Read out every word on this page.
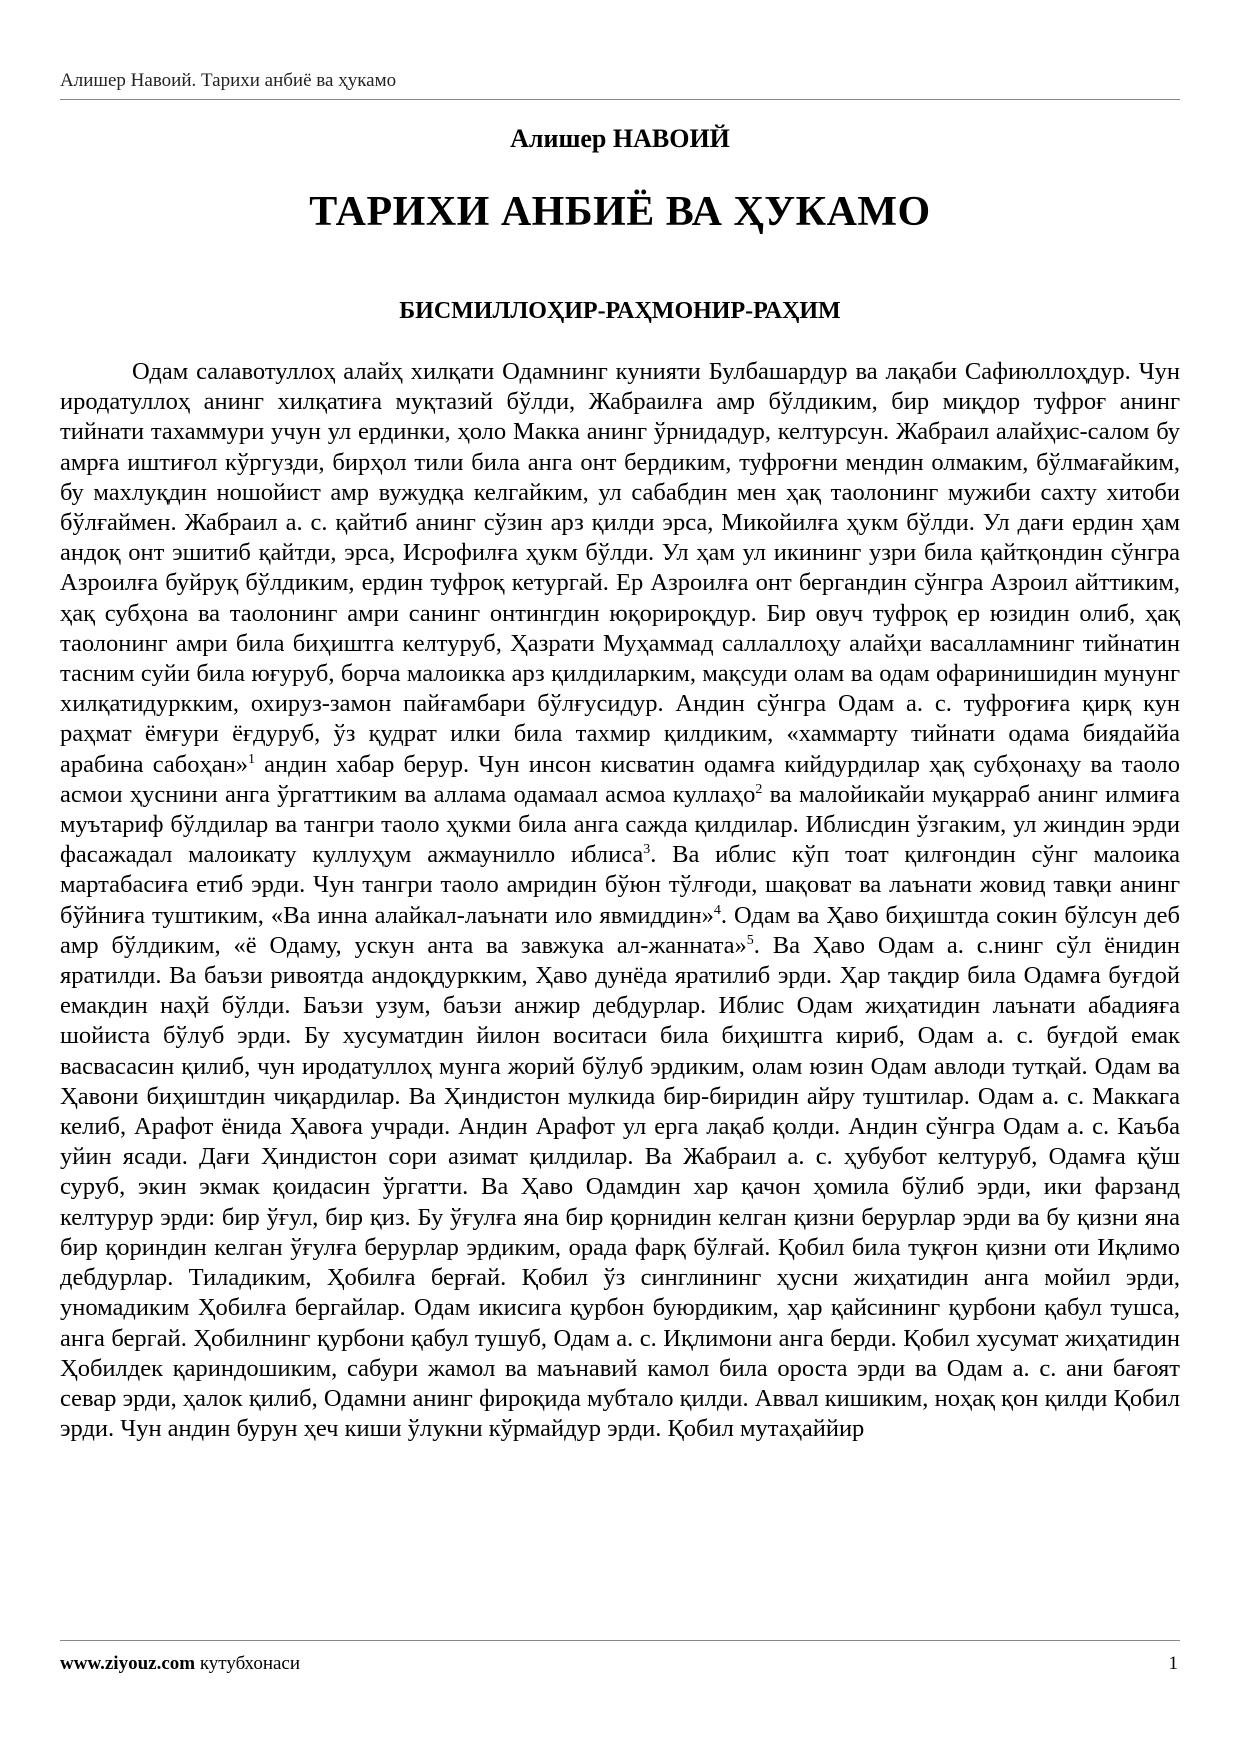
Алишер Навоий. Тарихи анбиё ва ҳукамо
Алишер НАВОИЙ
ТАРИХИ АНБИЁ ВА ҲУКАМО
БИСМИЛЛОҲИР-РАҲМОНИР-РАҲИМ

Одам салавотуллоҳ алайҳ хилқати Одамнинг кунияти Булбашардур ва лақаби Сафиюллоҳдур. Чун иродатуллоҳ анинг хилқатиға муқтазий бўлди, Жабраилға амр бўлдиким, бир миқдор туфроғ анинг тийнати тахаммури учун ул ердинки, ҳоло Макка анинг ўрнидадур, келтурсун. Жабраил алайҳис-салом бу амрға иштиғол кўргузди, бирҳол тили била анга онт бердиким, туфроғни мендин олмаким, бўлмағайким, бу махлуқдин ношойист амр вужудқа келгайким, ул сабабдин мен ҳақ таолонинг мужиби сахту хитоби бўлғаймен. Жабраил а. с. қайтиб анинг сўзин арз қилди эрса, Микойилға ҳукм бўлди. Ул дағи ердин ҳам андоқ онт эшитиб қайтди, эрса, Исрофилға ҳукм бўлди. Ул ҳам ул икининг узри била қайтқондин сўнгра Азроилға буйруқ бўлдиким, ердин туфроқ кетургай. Ер Азроилға онт бергандин сўнгра Азроил айттиким, ҳақ субҳона ва таолонинг амри санинг онтингдин юқорироқдур. Бир овуч туфроқ ер юзидин олиб, ҳақ таолонинг амри била биҳиштга келтуруб, Ҳазрати Муҳаммад саллаллоҳу алайҳи васалламнинг тийнатин тасним суйи била юғуруб, борча малоикка арз қилдиларким, мақсуди олам ва одам офаринишидин мунунг хилқатидуркким, охируз-замон пайғамбари бўлғусидур. Андин сўнгра Одам а. с. туфроғиға қирқ кун раҳмат ёмғури ёғдуруб, ўз қудрат илки била тахмир қилдиким, «хаммарту тийнати одама биядаййа арабина сабоҳан»$^1$ андин хабар берур. Чун инсон кисватин одамға кийдурдилар ҳақ субҳонаҳу ва таоло асмои ҳуснини анга ўргаттиким ва аллама одамаал асмоа куллаҳо$^2$ ва малойикайи муқарраб анинг илмиға муътариф бўлдилар ва тангри таоло ҳукми била анга сажда қилдилар. Иблисдин ўзгаким, ул жиндин эрди фасажадал малоикату куллуҳум ажмаунилло иблиса$^3$. Ва иблис кўп тоат қилғондин сўнг малоика мартабасиға етиб эрди. Чун тангри таоло амридин бўюн тўлғоди, шақоват ва лаънати жовид тавқи анинг бўйниға туштиким, «Ва инна алайкал-лаънати ило явмиддин»$^4$. Одам ва Ҳаво биҳиштда сокин бўлсун деб амр бўлдиким, «ё Одаму, ускун анта ва завжука ал-жанната»$^5$. Ва Ҳаво Одам а. с.нинг сўл ёнидин яратилди. Ва баъзи ривоятда андоқдуркким, Ҳаво дунёда яратилиб эрди. Ҳар тақдир била Одамға буғдой емакдин наҳй бўлди. Баъзи узум, баъзи анжир дебдурлар. Иблис Одам жиҳатидин лаънати абадияға шойиста бўлуб эрди. Бу хусуматдин йилон воситаси била биҳиштга кириб, Одам а. с. буғдой емак васвасасин қилиб, чун иродатуллоҳ мунга жорий бўлуб эрдиким, олам юзин Одам авлоди тутқай. Одам ва Ҳавони биҳиштдин чиқардилар. Ва Ҳиндистон мулкида бир-биридин айру туштилар. Одам а. с. Маккага келиб, Арафот ёнида Ҳавоға учради. Андин Арафот ул ерга лақаб қолди. Андин сўнгра Одам а. с. Каъба уйин ясади. Дағи Ҳиндистон сори азимат қилдилар. Ва Жабраил а. с. ҳубубот келтуруб, Одамға қўш суруб, экин экмак қоидасин ўргатти. Ва Ҳаво Одамдин хар қачон ҳомила бўлиб эрди, ики фарзанд келтурур эрди: бир ўғул, бир қиз. Бу ўғулға яна бир қорнидин келган қизни берурлар эрди ва бу қизни яна бир қориндин келган ўғулға берурлар эрдиким, орада фарқ бўлғай. Қобил била туқғон қизни оти Иқлимо дебдурлар. Тиладиким, Ҳобилға берғай. Қобил ўз синглининг ҳусни жиҳатидин анга мойил эрди, уномадиким Ҳобилға бергайлар. Одам икисига қурбон буюрдиким, ҳар қайсининг қурбони қабул тушса, анга бергай. Ҳобилнинг қурбони қабул тушуб, Одам а. с. Иқлимони анга берди. Қобил хусумат жиҳатидин Ҳобилдек қариндошиким, сабури жамол ва маънавий камол била ороста эрди ва Одам а. с. ани бағоят севар эрди, ҳалок қилиб, Одамни анинг фироқида мубтало қилди. Аввал кишиким, ноҳақ қон қилди Қобил эрди. Чун андин бурун ҳеч киши ўлукни кўрмайдур эрди. Қобил мутаҳаййир

www.ziyouz.com кутубхонаси	1
